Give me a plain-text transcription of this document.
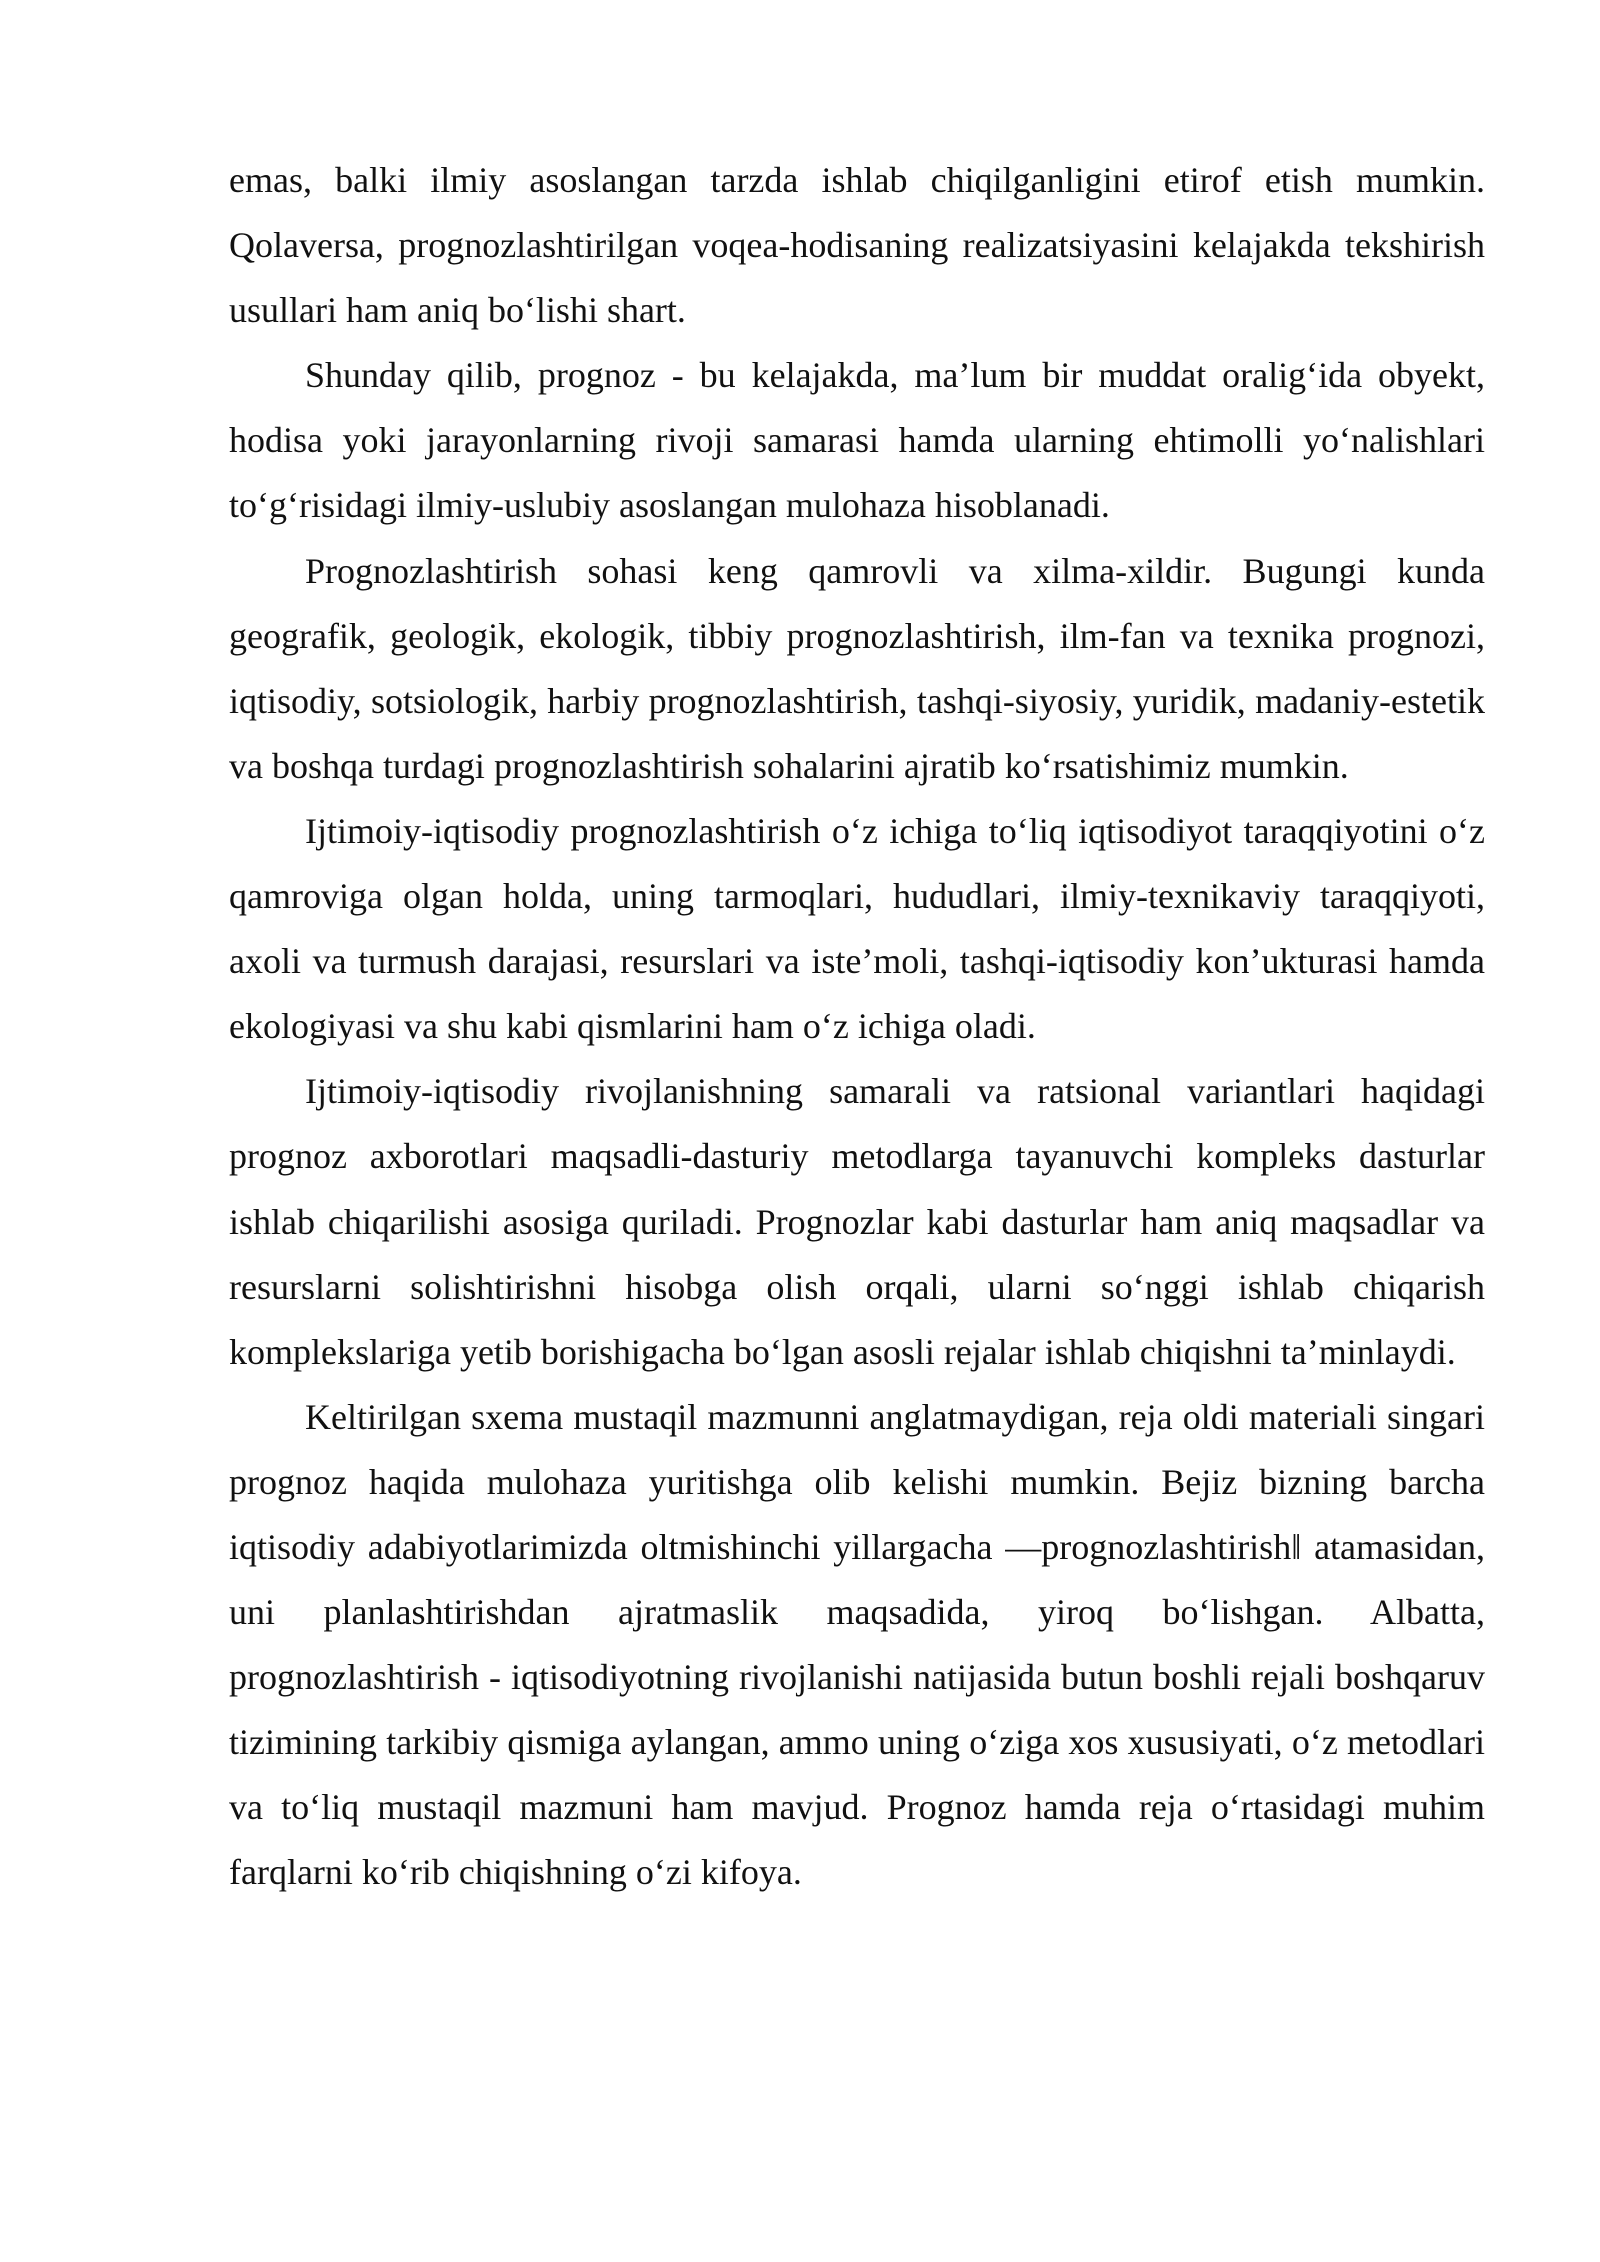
emas, balki ilmiy asoslangan tarzda ishlab chiqilganligini etirof etish mumkin. Qolaversa, prognozlashtirilgan voqea-hodisaning realizatsiyasini kelajakda tekshirish usullari ham aniq bo‘lishi shart.

Shunday qilib, prognoz - bu kelajakda, ma’lum bir muddat oralig‘ida obyekt, hodisa yoki jarayonlarning rivoji samarasi hamda ularning ehtimolli yo‘nalishlari to‘g‘risidagi ilmiy-uslubiy asoslangan mulohaza hisoblanadi.

Prognozlashtirish sohasi keng qamrovli va xilma-xildir. Bugungi kunda geografik, geologik, ekologik, tibbiy prognozlashtirish, ilm-fan va texnika prognozi, iqtisodiy, sotsiologik, harbiy prognozlashtirish, tashqi-siyosiy, yuridik, madaniy-estetik va boshqa turdagi prognozlashtirish sohalarini ajratib ko‘rsatishimiz mumkin.

Ijtimoiy-iqtisodiy prognozlashtirish o‘z ichiga to‘liq iqtisodiyot taraqqiyotini o‘z qamroviga olgan holda, uning tarmoqlari, hududlari, ilmiy-texnikaviy taraqqiyoti, axoli va turmush darajasi, resurslari va iste’moli, tashqi-iqtisodiy kon’ukturasi hamda ekologiyasi va shu kabi qismlarini ham o‘z ichiga oladi.

Ijtimoiy-iqtisodiy rivojlanishning samarali va ratsional variantlari haqidagi prognoz axborotlari maqsadli-dasturiy metodlarga tayanuvchi kompleks dasturlar ishlab chiqarilishi asosiga quriladi. Prognozlar kabi dasturlar ham aniq maqsadlar va resurslarni solishtirishni hisobga olish orqali, ularni so‘nggi ishlab chiqarish komplekslariga yetib borishigacha bo‘lgan asosli rejalar ishlab chiqishni ta’minlaydi.

Keltirilgan sxema mustaqil mazmunni anglatmaydigan, reja oldi materiali singari prognoz haqida mulohaza yuritishga olib kelishi mumkin. Bejiz bizning barcha iqtisodiy adabiyotlarimizda oltmishinchi yillargacha ―prognozlashtirish‖ atamasidan, uni planlashtirishdan ajratmaslik maqsadida, yiroq bo‘lishgan. Albatta, prognozlashtirish - iqtisodiyotning rivojlanishi natijasida butun boshli rejali boshqaruv tizimining tarkibiy qismiga aylangan, ammo uning o‘ziga xos xususiyati, o‘z metodlari va to‘liq mustaqil mazmuni ham mavjud. Prognoz hamda reja o‘rtasidagi muhim farqlarni ko‘rib chiqishning o‘zi kifoya.
